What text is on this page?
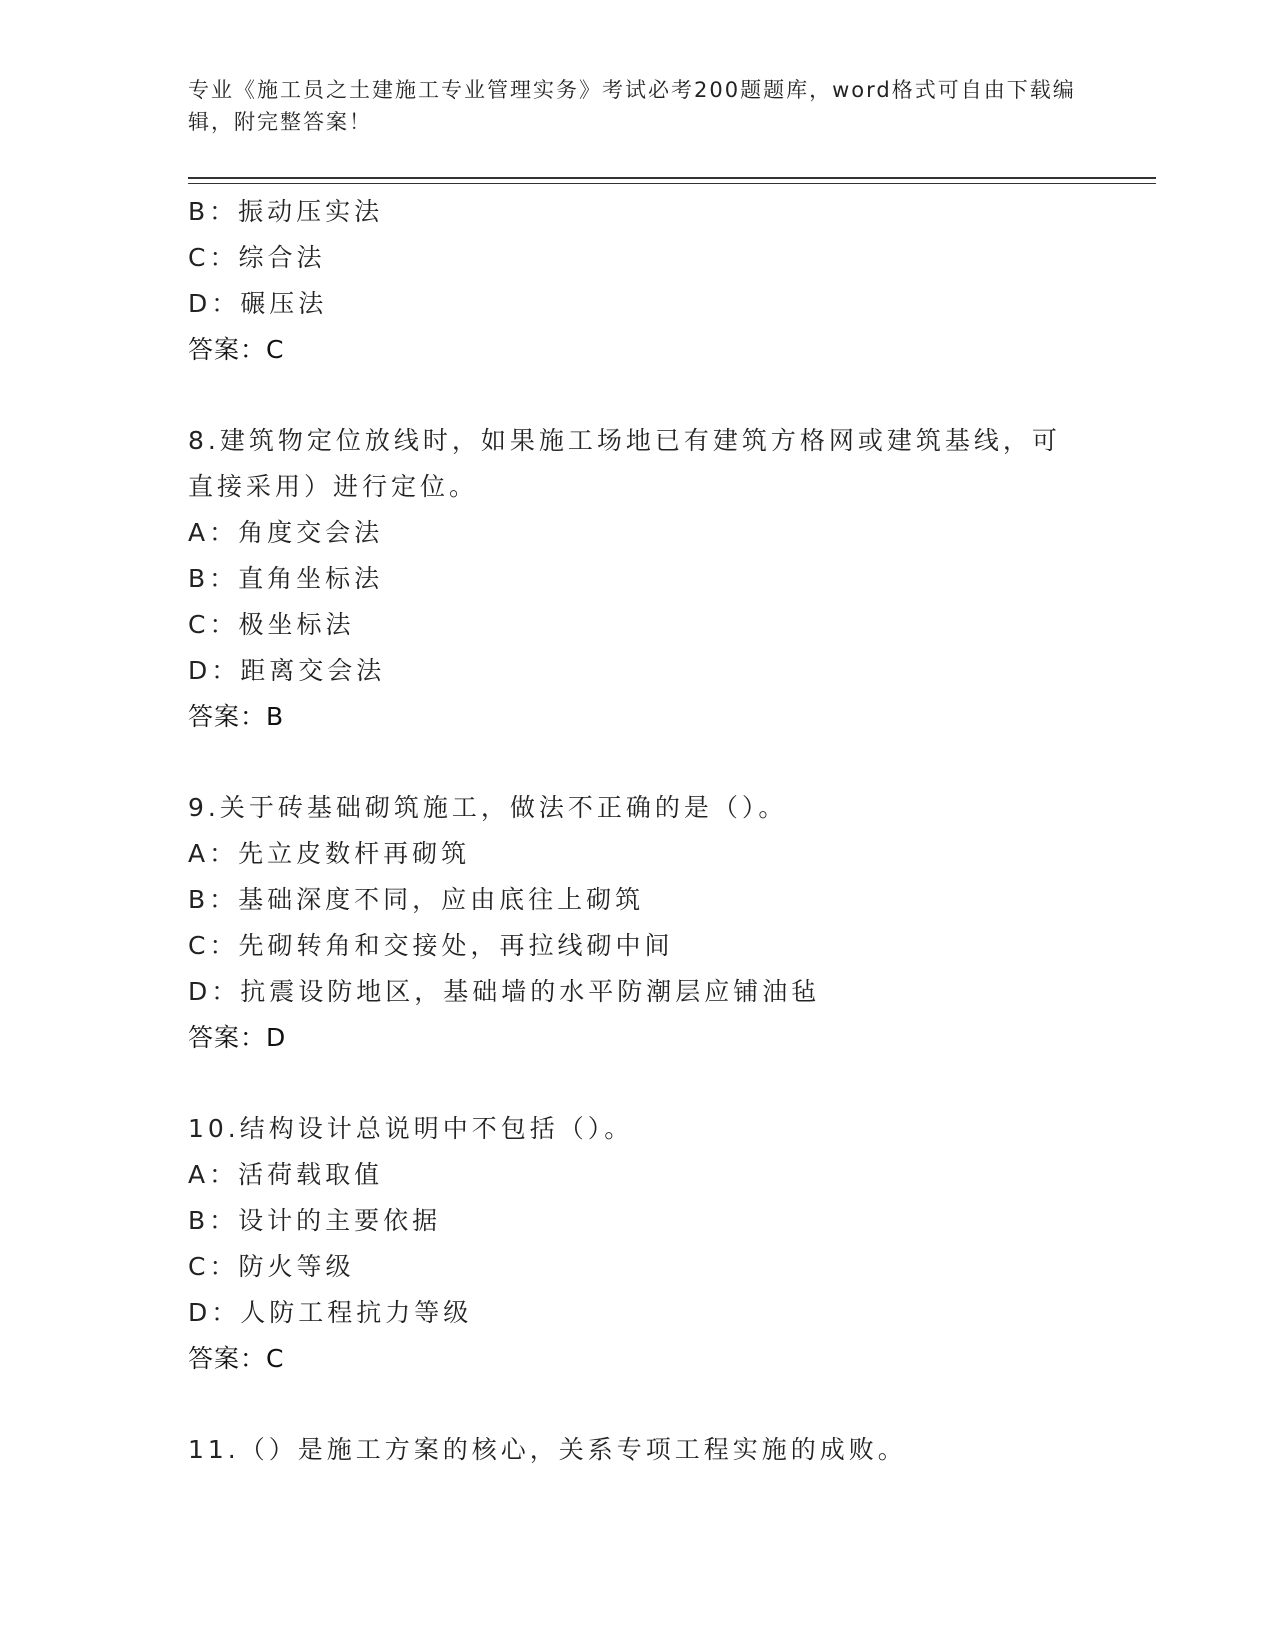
专业《施工员之土建施工专业管理实务》考试必考200题题库，word格式可自由下载编辑，附完整答案！
B：振动压实法
C：综合法
D：碾压法
答案：C
8.建筑物定位放线时，如果施工场地已有建筑方格网或建筑基线，可
直接采用）进行定位。
A：角度交会法
B：直角坐标法
C：极坐标法
D：距离交会法
答案：B
9.关于砖基础砌筑施工，做法不正确的是（）。
A：先立皮数杆再砌筑
B：基础深度不同，应由底往上砌筑
C：先砌转角和交接处，再拉线砌中间
D：抗震设防地区，基础墙的水平防潮层应铺油毡
答案：D
10.结构设计总说明中不包括（）。
A：活荷载取值
B：设计的主要依据
C：防火等级
D：人防工程抗力等级
答案：C
11.（）是施工方案的核心，关系专项工程实施的成败。
